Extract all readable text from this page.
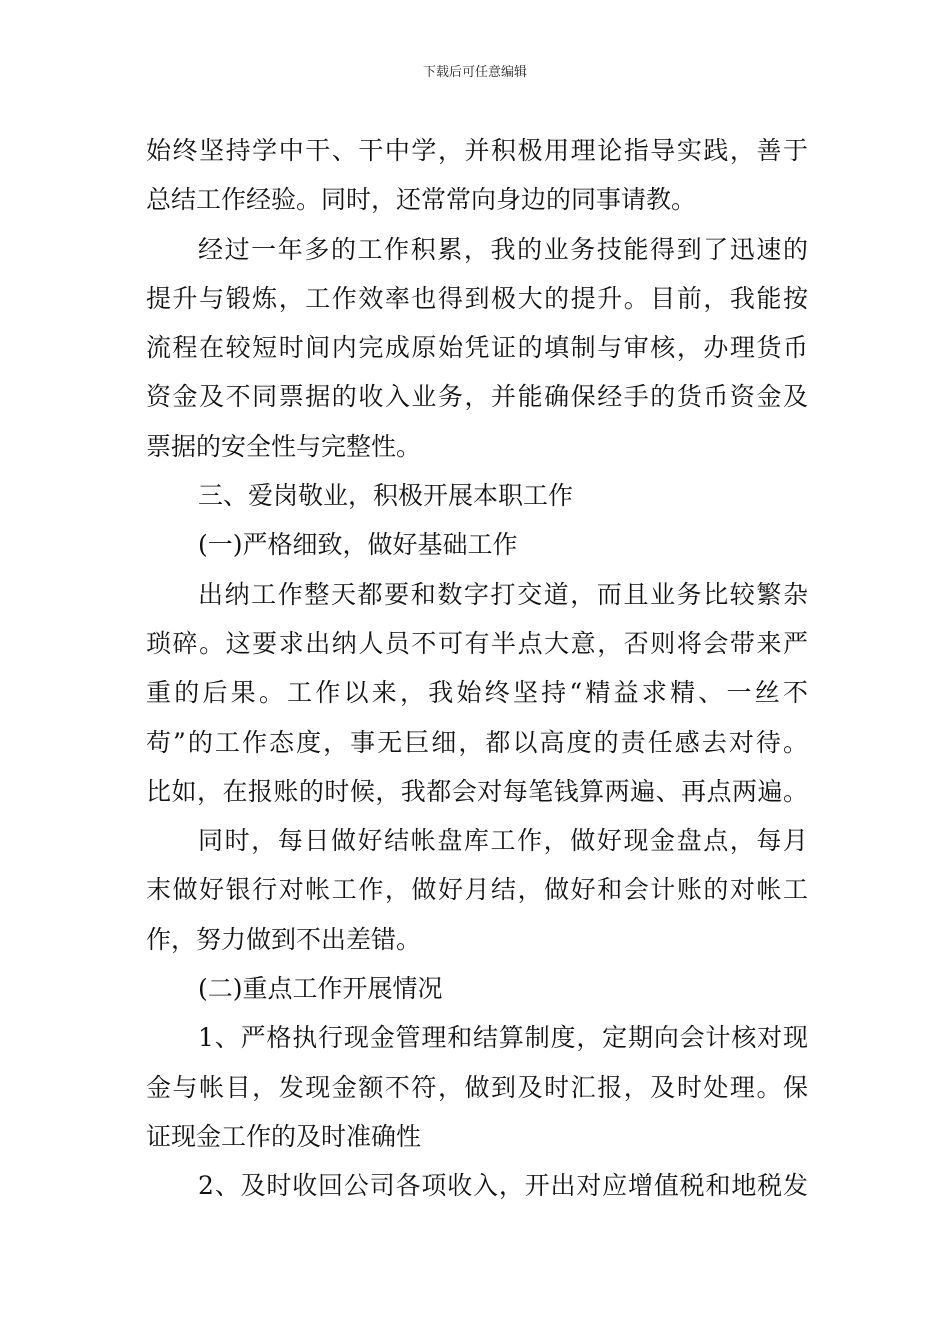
下载后可任意编辑
始终坚持学中干、干中学，并积极用理论指导实践，善于
总结工作经验。同时，还常常向身边的同事请教。
经过一年多的工作积累，我的业务技能得到了迅速的
提升与锻炼，工作效率也得到极大的提升。目前，我能按
流程在较短时间内完成原始凭证的填制与审核，办理货币
资金及不同票据的收入业务，并能确保经手的货币资金及
票据的安全性与完整性。
三、爱岗敬业，积极开展本职工作
(一)严格细致，做好基础工作
出纳工作整天都要和数字打交道，而且业务比较繁杂
琐碎。这要求出纳人员不可有半点大意，否则将会带来严
重的后果。工作以来，我始终坚持“精益求精、一丝不
苟”的工作态度，事无巨细，都以高度的责任感去对待。
比如，在报账的时候，我都会对每笔钱算两遍、再点两遍。
同时，每日做好结帐盘库工作，做好现金盘点，每月
末做好银行对帐工作，做好月结，做好和会计账的对帐工
作，努力做到不出差错。
(二)重点工作开展情况
1、严格执行现金管理和结算制度，定期向会计核对现
金与帐目，发现金额不符，做到及时汇报，及时处理。保
证现金工作的及时准确性
2、及时收回公司各项收入，开出对应增值税和地税发
